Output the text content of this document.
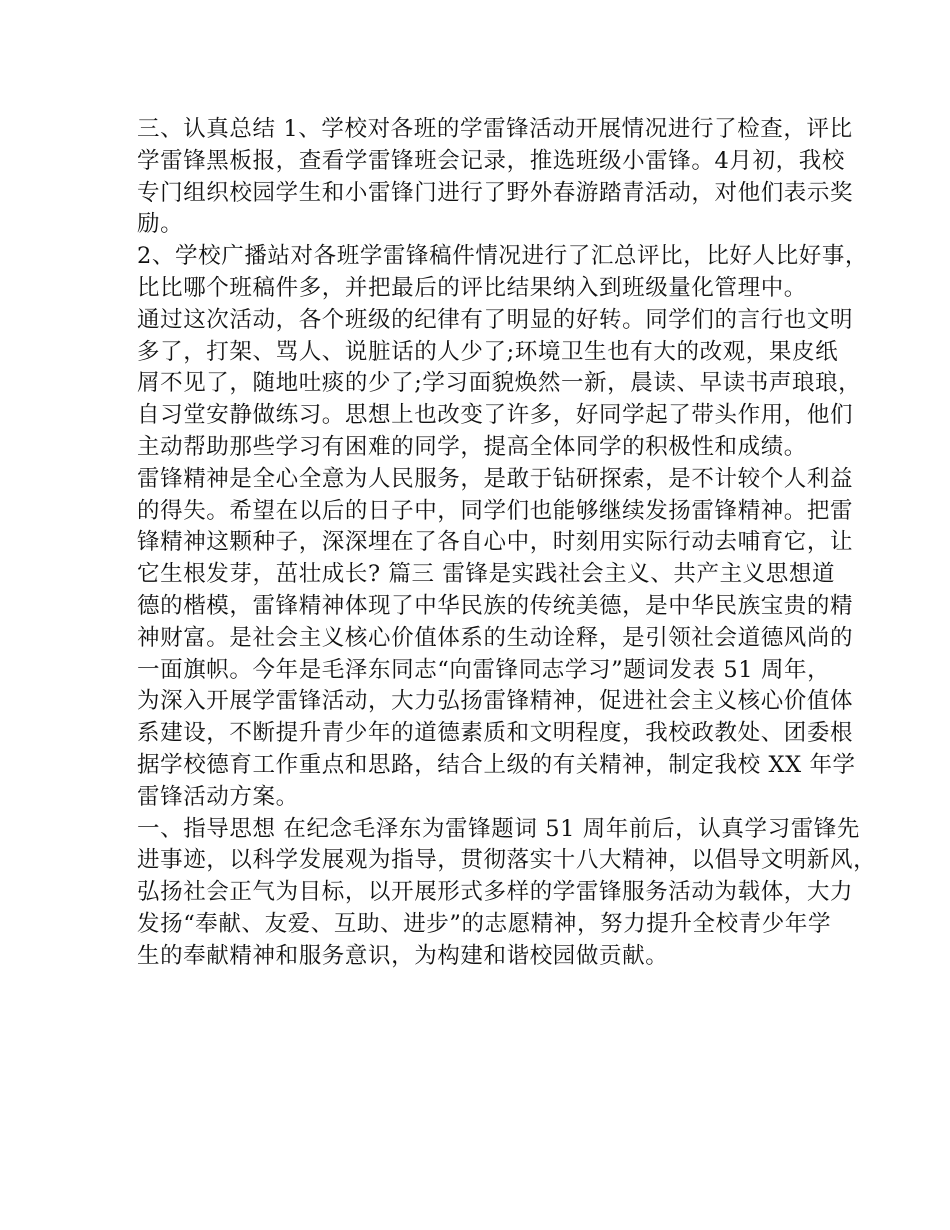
三、认真总结 1、学校对各班的学雷锋活动开展情况进行了检查，评比
学雷锋黑板报，查看学雷锋班会记录，推选班级小雷锋。4月初，我校
专门组织校园学生和小雷锋门进行了野外春游踏青活动，对他们表示奖
励。
2、学校广播站对各班学雷锋稿件情况进行了汇总评比，比好人比好事，
比比哪个班稿件多，并把最后的评比结果纳入到班级量化管理中。
通过这次活动，各个班级的纪律有了明显的好转。同学们的言行也文明
多了，打架、骂人、说脏话的人少了;环境卫生也有大的改观，果皮纸
屑不见了，随地吐痰的少了;学习面貌焕然一新，晨读、早读书声琅琅，
自习堂安静做练习。思想上也改变了许多，好同学起了带头作用，他们
主动帮助那些学习有困难的同学，提高全体同学的积极性和成绩。
雷锋精神是全心全意为人民服务，是敢于钻研探索，是不计较个人利益
的得失。希望在以后的日子中，同学们也能够继续发扬雷锋精神。把雷
锋精神这颗种子，深深埋在了各自心中，时刻用实际行动去哺育它，让
它生根发芽，茁壮成长? 篇三 雷锋是实践社会主义、共产主义思想道
德的楷模，雷锋精神体现了中华民族的传统美德，是中华民族宝贵的精
神财富。是社会主义核心价值体系的生动诠释，是引领社会道德风尚的
一面旗帜。今年是毛泽东同志“向雷锋同志学习”题词发表 51 周年，
为深入开展学雷锋活动，大力弘扬雷锋精神，促进社会主义核心价值体
系建设，不断提升青少年的道德素质和文明程度，我校政教处、团委根
据学校德育工作重点和思路，结合上级的有关精神，制定我校 XX 年学
雷锋活动方案。
一、指导思想 在纪念毛泽东为雷锋题词 51 周年前后，认真学习雷锋先
进事迹，以科学发展观为指导，贯彻落实十八大精神，以倡导文明新风，
弘扬社会正气为目标，以开展形式多样的学雷锋服务活动为载体，大力
发扬“奉献、友爱、互助、进步”的志愿精神，努力提升全校青少年学
生的奉献精神和服务意识，为构建和谐校园做贡献。
